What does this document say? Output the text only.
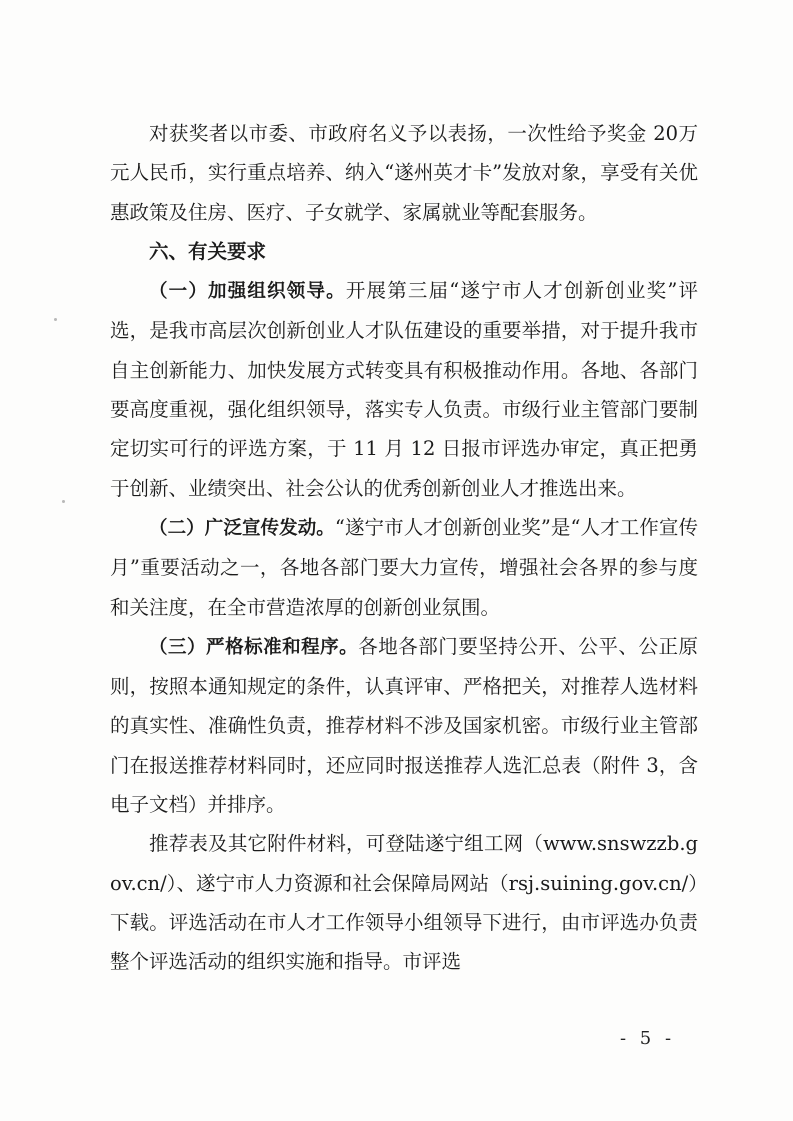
对获奖者以市委、市政府名义予以表扬，一次性给予奖金 20万元人民币，实行重点培养、纳入“遂州英才卡”发放对象，享受有关优惠政策及住房、医疗、子女就学、家属就业等配套服务。

六、有关要求

（一）加强组织领导。开展第三届“遂宁市人才创新创业奖”评选，是我市高层次创新创业人才队伍建设的重要举措，对于提升我市自主创新能力、加快发展方式转变具有积极推动作用。各地、各部门要高度重视，强化组织领导，落实专人负责。市级行业主管部门要制定切实可行的评选方案，于 11 月 12 日报市评选办审定，真正把勇于创新、业绩突出、社会公认的优秀创新创业人才推选出来。

（二）广泛宣传发动。“遂宁市人才创新创业奖”是“人才工作宣传月”重要活动之一，各地各部门要大力宣传，增强社会各界的参与度和关注度，在全市营造浓厚的创新创业氛围。

（三）严格标准和程序。各地各部门要坚持公开、公平、公正原则，按照本通知规定的条件，认真评审、严格把关，对推荐人选材料的真实性、准确性负责，推荐材料不涉及国家机密。市级行业主管部门在报送推荐材料同时，还应同时报送推荐人选汇总表（附件 3，含电子文档）并排序。

推荐表及其它附件材料，可登陆遂宁组工网（www.snswzzb.gov.cn/）、遂宁市人力资源和社会保障局网站（rsj.suining.gov.cn/）下载。评选活动在市人才工作领导小组领导下进行，由市评选办负责整个评选活动的组织实施和指导。市评选

- 5 -
